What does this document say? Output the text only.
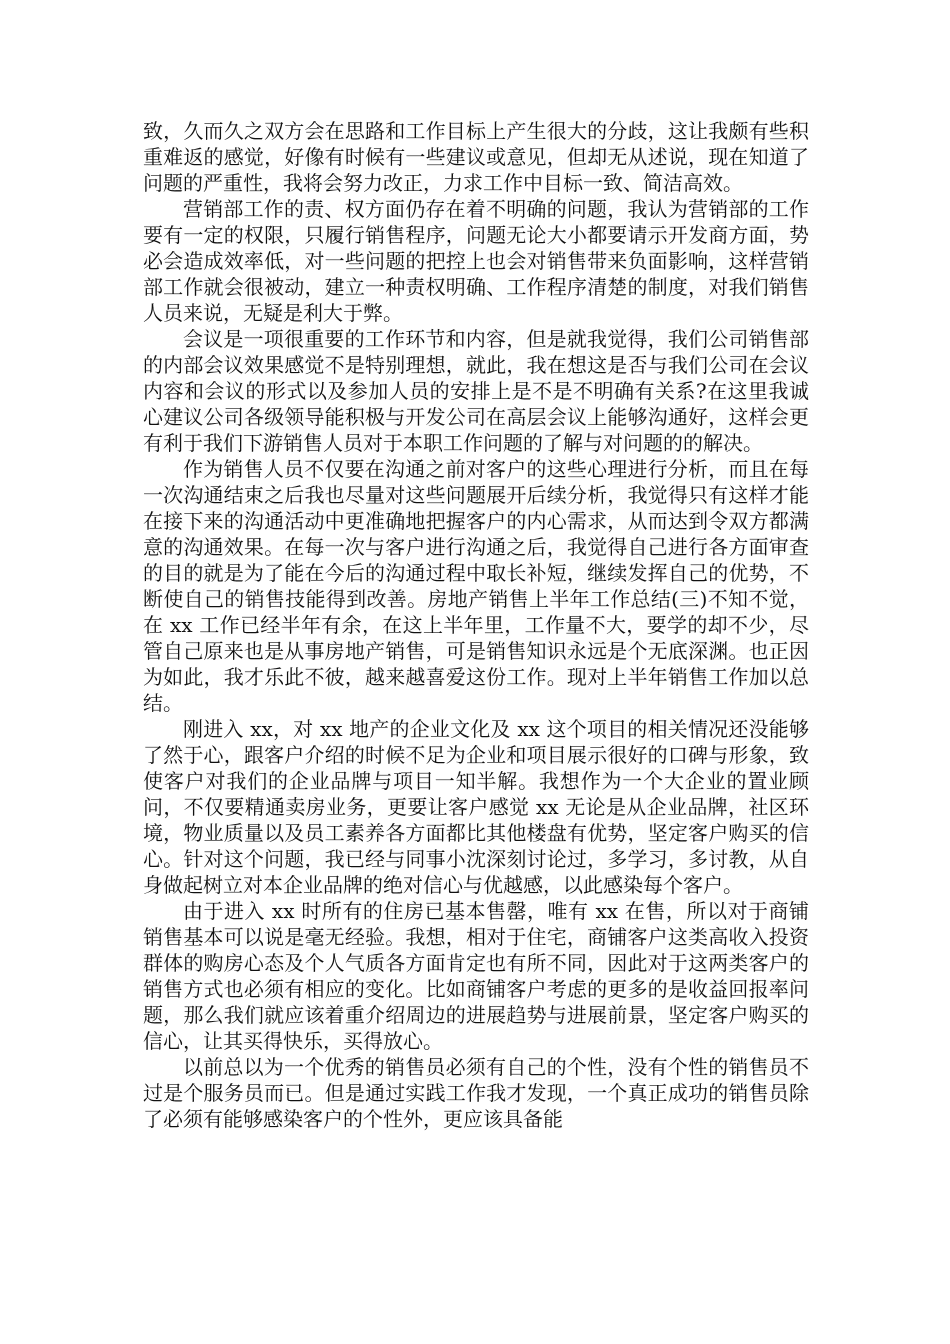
致，久而久之双方会在思路和工作目标上产生很大的分歧，这让我颇有些积重难返的感觉，好像有时候有一些建议或意见，但却无从述说，现在知道了问题的严重性，我将会努力改正，力求工作中目标一致、简洁高效。

营销部工作的责、权方面仍存在着不明确的问题，我认为营销部的工作要有一定的权限，只履行销售程序，问题无论大小都要请示开发商方面，势必会造成效率低，对一些问题的把控上也会对销售带来负面影响，这样营销部工作就会很被动，建立一种责权明确、工作程序清楚的制度，对我们销售人员来说，无疑是利大于弊。

会议是一项很重要的工作环节和内容，但是就我觉得，我们公司销售部的内部会议效果感觉不是特别理想，就此，我在想这是否与我们公司在会议内容和会议的形式以及参加人员的安排上是不是不明确有关系?在这里我诚心建议公司各级领导能积极与开发公司在高层会议上能够沟通好，这样会更有利于我们下游销售人员对于本职工作问题的了解与对问题的的解决。

作为销售人员不仅要在沟通之前对客户的这些心理进行分析，而且在每一次沟通结束之后我也尽量对这些问题展开后续分析，我觉得只有这样才能在接下来的沟通活动中更准确地把握客户的内心需求，从而达到令双方都满意的沟通效果。在每一次与客户进行沟通之后，我觉得自己进行各方面审查的目的就是为了能在今后的沟通过程中取长补短，继续发挥自己的优势，不断使自己的销售技能得到改善。房地产销售上半年工作总结(三)不知不觉，在 xx 工作已经半年有余，在这上半年里，工作量不大，要学的却不少，尽管自己原来也是从事房地产销售，可是销售知识永远是个无底深渊。也正因为如此，我才乐此不彼，越来越喜爱这份工作。现对上半年销售工作加以总结。

刚进入 xx，对 xx 地产的企业文化及 xx 这个项目的相关情况还没能够了然于心，跟客户介绍的时候不足为企业和项目展示很好的口碑与形象，致使客户对我们的企业品牌与项目一知半解。我想作为一个大企业的置业顾问，不仅要精通卖房业务，更要让客户感觉 xx 无论是从企业品牌，社区环境，物业质量以及员工素养各方面都比其他楼盘有优势，坚定客户购买的信心。针对这个问题，我已经与同事小沈深刻讨论过，多学习，多讨教，从自身做起树立对本企业品牌的绝对信心与优越感，以此感染每个客户。

由于进入 xx 时所有的住房已基本售罄，唯有 xx 在售，所以对于商铺销售基本可以说是毫无经验。我想，相对于住宅，商铺客户这类高收入投资群体的购房心态及个人气质各方面肯定也有所不同，因此对于这两类客户的销售方式也必须有相应的变化。比如商铺客户考虑的更多的是收益回报率问题，那么我们就应该着重介绍周边的进展趋势与进展前景，坚定客户购买的信心，让其买得快乐，买得放心。

以前总以为一个优秀的销售员必须有自己的个性，没有个性的销售员不过是个服务员而已。但是通过实践工作我才发现，一个真正成功的销售员除了必须有能够感染客户的个性外，更应该具备能
